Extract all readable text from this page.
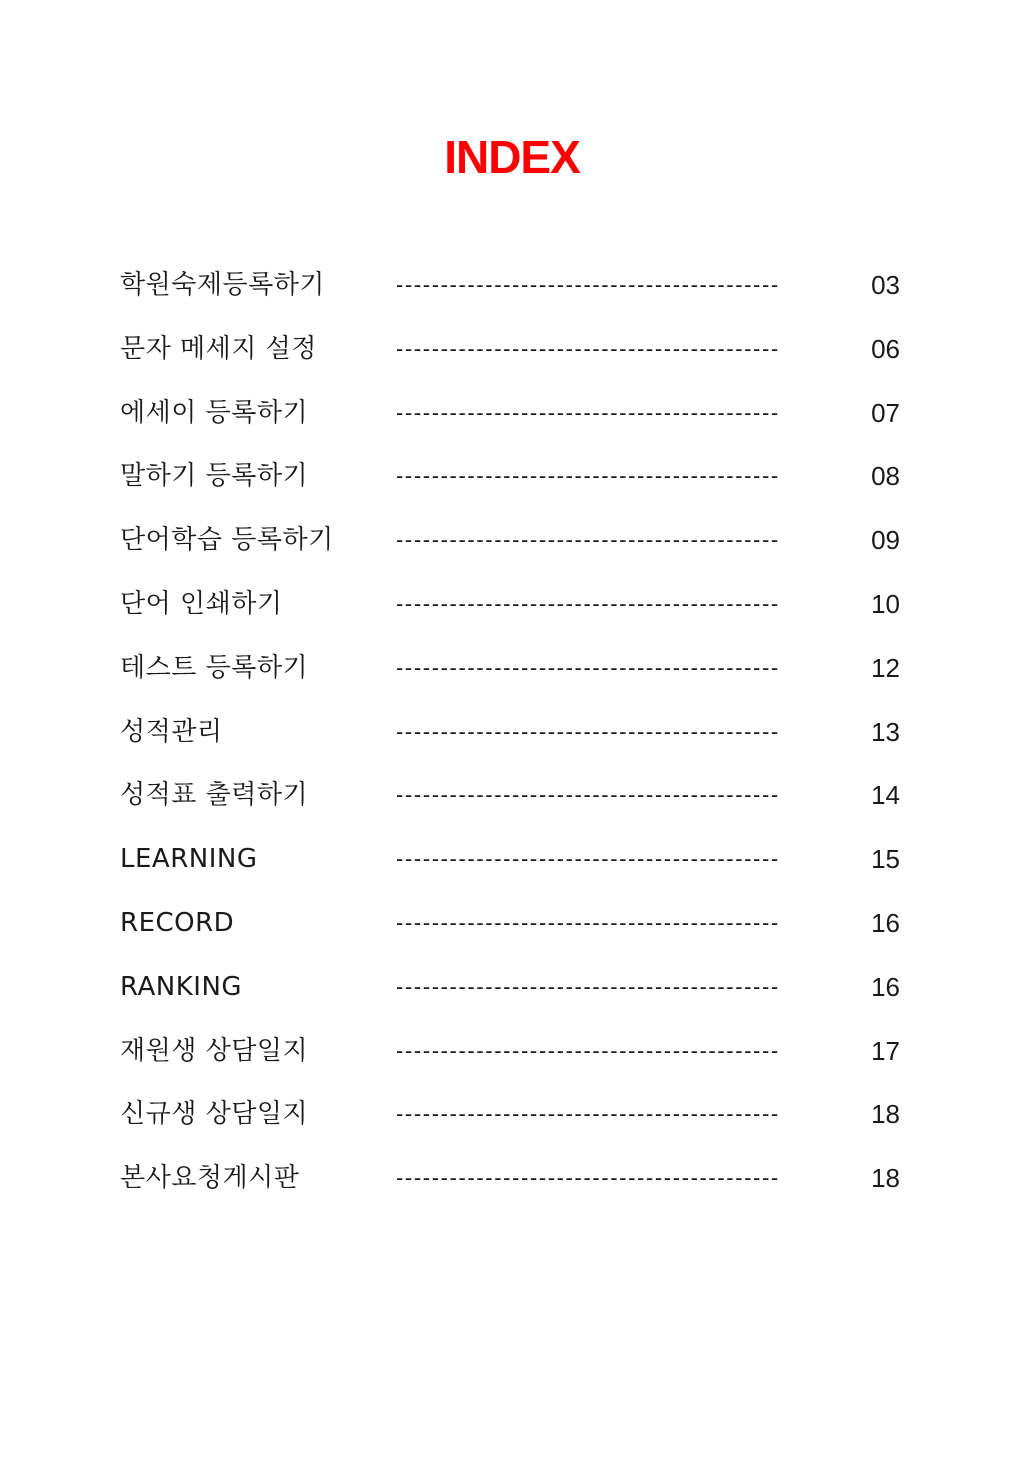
INDEX
학원숙제등록하기	-------------------------------------------	03
문자 메세지 설정	-------------------------------------------	06
에세이 등록하기	-------------------------------------------	07
말하기 등록하기	-------------------------------------------	08
단어학습 등록하기	-------------------------------------------	09
단어 인쇄하기	-------------------------------------------	10
테스트 등록하기	-------------------------------------------	12
성적관리	-------------------------------------------	13
성적표 출력하기	-------------------------------------------	14
LEARNING	-------------------------------------------	15
RECORD	-------------------------------------------	16
RANKING	-------------------------------------------	16
재원생 상담일지	-------------------------------------------	17
신규생 상담일지	-------------------------------------------	18
본사요청게시판	-------------------------------------------	18
